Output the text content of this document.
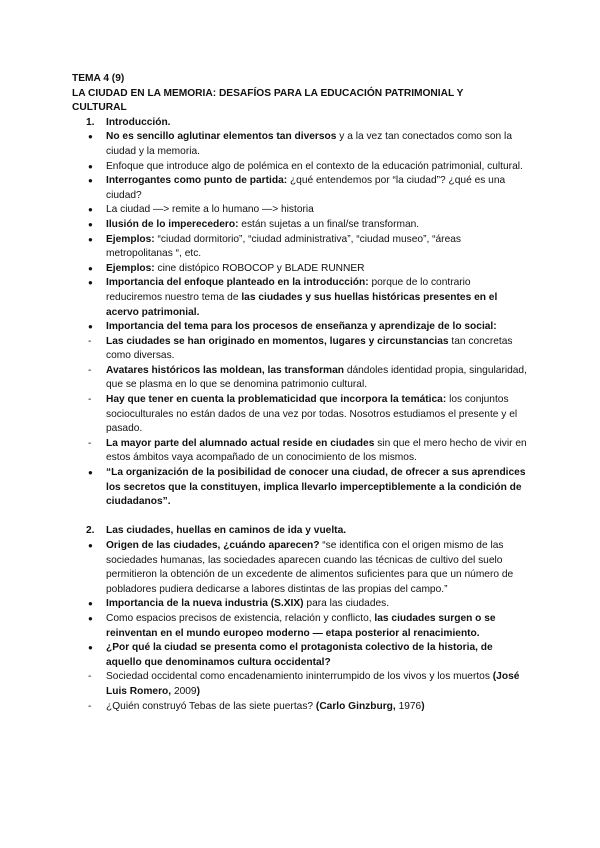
TEMA 4 (9)
LA CIUDAD EN LA MEMORIA: DESAFÍOS PARA LA EDUCACIÓN PATRIMONIAL Y
CULTURAL
1.	Introducción.
●	No es sencillo aglutinar elementos tan diversos y a la vez tan conectados como son la ciudad y la memoria.
●	Enfoque que introduce algo de polémica en el contexto de la educación patrimonial, cultural.
●	Interrogantes como punto de partida: ¿qué entendemos por “la ciudad”? ¿qué es una ciudad?
●	La ciudad —> remite a lo humano —> historia
●	Ilusión de lo imperecedero: están sujetas a un final/se transforman.
●	Ejemplos: “ciudad dormitorio”, “ciudad administrativa”, “ciudad museo”, “áreas metropolitanas “, etc.
●	Ejemplos: cine distópico ROBOCOP y BLADE RUNNER
●	Importancia del enfoque planteado en la introducción: porque de lo contrario reduciremos nuestro tema de las ciudades y sus huellas históricas presentes en el acervo patrimonial.
●	Importancia del tema para los procesos de enseñanza y aprendizaje de lo social:
-	Las ciudades se han originado en momentos, lugares y circunstancias tan concretas como diversas.
-	Avatares históricos las moldean, las transforman dándoles identidad propia, singularidad, que se plasma en lo que se denomina patrimonio cultural.
-	Hay que tener en cuenta la problematicidad que incorpora la temática: los conjuntos socioculturales no están dados de una vez por todas. Nosotros estudiamos el presente y el pasado.
-	La mayor parte del alumnado actual reside en ciudades sin que el mero hecho de vivir en estos ámbitos vaya acompañado de un conocimiento de los mismos.
●	“La organización de la posibilidad de conocer una ciudad, de ofrecer a sus aprendices los secretos que la constituyen, implica llevarlo imperceptiblemente a la condición de ciudadanos”.
2.	Las ciudades, huellas en caminos de ida y vuelta.
●	Origen de las ciudades, ¿cuándo aparecen? “se identifica con el origen mismo de las sociedades humanas, las sociedades aparecen cuando las técnicas de cultivo del suelo permitieron la obtención de un excedente de alimentos suficientes para que un número de pobladores pudiera dedicarse a labores distintas de las propias del campo.”
●	Importancia de la nueva industria (S.XIX) para las ciudades.
●	Como espacios precisos de existencia, relación y conflicto, las ciudades surgen o se reinventan en el mundo europeo moderno — etapa posterior al renacimiento.
●	¿Por qué la ciudad se presenta como el protagonista colectivo de la historia, de aquello que denominamos cultura occidental?
-	Sociedad occidental como encadenamiento ininterrumpido de los vivos y los muertos (José Luis Romero, 2009)
-	¿Quién construyó Tebas de las siete puertas? (Carlo Ginzburg, 1976)
